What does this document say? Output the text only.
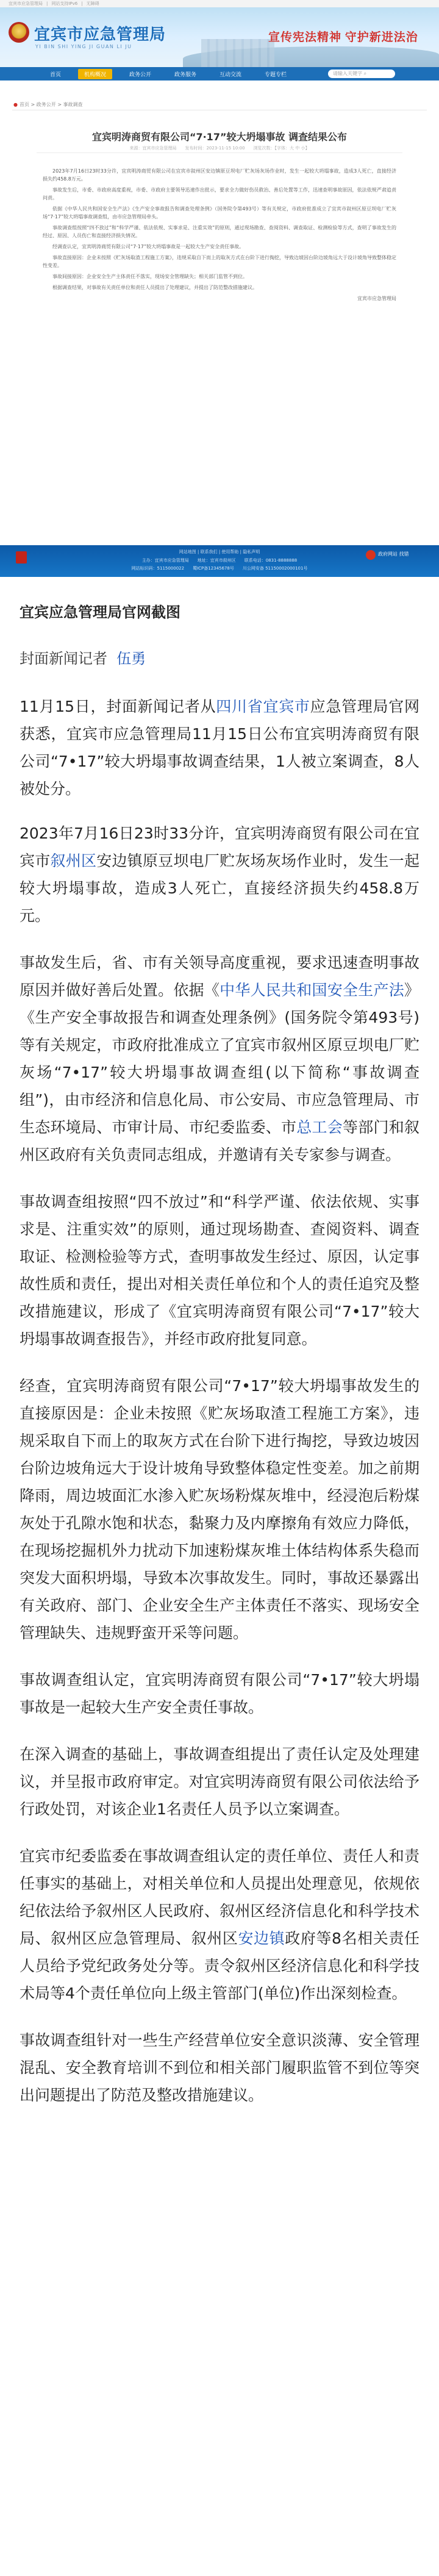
宜宾市应急管理局 | 网站支持IPv6 | 无障碍
宜宾市应急管理局
YI BIN SHI YING JI GUAN LI JU
宣传宪法精神 守护新进法治
首页	机构概况	政务公开	政务服务	互动交流	专题专栏	请输入关键字 ⌕
● 首页 > 政务公开 > 事故调查
宜宾明涛商贸有限公司“7·17”较大坍塌事故 调查结果公布
来源：宜宾市应急管理局　　发布时间：2023-11-15 10:00　　浏览次数：【字体：大 中 小】

2023年7月16日23时33分许，宜宾明涛商贸有限公司在宜宾市叙州区安边镇原豆坝电厂贮灰场灰场作业时，发生一起较大坍塌事故，造成3人死亡，直接经济损失约458.8万元。

事故发生后，市委、市政府高度重视，市委、市政府主要领导迅速作出批示，要求全力做好伤员救治、善后处置等工作，迅速查明事故原因，依法依规严肃追责问责。

依据《中华人民共和国安全生产法》《生产安全事故报告和调查处理条例》（国务院令第493号）等有关规定，市政府批准成立了宜宾市叙州区原豆坝电厂贮灰场“7·17”较大坍塌事故调查组，由市应急管理局牵头。

事故调查组按照“四不放过”和“科学严谨、依法依规、实事求是、注重实效”的原则，通过现场勘查、查阅资料、调查取证、检测检验等方式，查明了事故发生的经过、原因、人员伤亡和直接经济损失情况。

经调查认定，宜宾明涛商贸有限公司“7·17”较大坍塌事故是一起较大生产安全责任事故。

事故直接原因：企业未按照《贮灰场取渣工程施工方案》，违规采取自下而上的取灰方式在台阶下进行掏挖，导致边坡因台阶边坡角远大于设计坡角导致整体稳定性变差。

事故间接原因：企业安全生产主体责任不落实，现场安全管理缺失；相关部门监管不到位。

根据调查结果，对事故有关责任单位和责任人员提出了处理建议，并提出了防范整改措施建议。

宜宾市应急管理局

网站地图 | 联系我们 | 使用帮助 | 隐私声明
主办：宜宾市应急管理局　　地址：宜宾市叙州区　　联系电话：0831-8888888
网站标识码：5115000022　　蜀ICP备12345678号　　川公网安备 51150002000101号
政府网站 找错
宜宾应急管理局官网截图
封面新闻记者 伍勇

11月15日，封面新闻记者从四川省宜宾市应急管理局官网获悉，宜宾市应急管理局11月15日公布宜宾明涛商贸有限公司“7•17”较大坍塌事故调查结果，1人被立案调查，8人被处分。

2023年7月16日23时33分许，宜宾明涛商贸有限公司在宜宾市叙州区安边镇原豆坝电厂贮灰场灰场作业时，发生一起较大坍塌事故，造成3人死亡，直接经济损失约458.8万元。

事故发生后，省、市有关领导高度重视，要求迅速查明事故原因并做好善后处置。依据《中华人民共和国安全生产法》《生产安全事故报告和调查处理条例》(国务院令第493号)等有关规定，市政府批准成立了宜宾市叙州区原豆坝电厂贮灰场“7•17”较大坍塌事故调查组(以下简称“事故调查组”)，由市经济和信息化局、市公安局、市应急管理局、市生态环境局、市审计局、市纪委监委、市总工会等部门和叙州区政府有关负责同志组成，并邀请有关专家参与调查。

事故调查组按照“四不放过”和“科学严谨、依法依规、实事求是、注重实效”的原则，通过现场勘查、查阅资料、调查取证、检测检验等方式，查明事故发生经过、原因，认定事故性质和责任，提出对相关责任单位和个人的责任追究及整改措施建议，形成了《宜宾明涛商贸有限公司“7•17”较大坍塌事故调查报告》，并经市政府批复同意。

经查，宜宾明涛商贸有限公司“7•17”较大坍塌事故发生的直接原因是：企业未按照《贮灰场取渣工程施工方案》，违规采取自下而上的取灰方式在台阶下进行掏挖，导致边坡因台阶边坡角远大于设计坡角导致整体稳定性变差。加之前期降雨，周边坡面汇水渗入贮灰场粉煤灰堆中，经浸泡后粉煤灰处于孔隙水饱和状态，黏聚力及内摩擦角有效应力降低，在现场挖掘机外力扰动下加速粉煤灰堆土体结构体系失稳而突发大面积坍塌，导致本次事故发生。同时，事故还暴露出有关政府、部门、企业安全生产主体责任不落实、现场安全管理缺失、违规野蛮开采等问题。

事故调查组认定，宜宾明涛商贸有限公司“7•17”较大坍塌事故是一起较大生产安全责任事故。

在深入调查的基础上，事故调查组提出了责任认定及处理建议，并呈报市政府审定。对宜宾明涛商贸有限公司依法给予行政处罚，对该企业1名责任人员予以立案调查。

宜宾市纪委监委在事故调查组认定的责任单位、责任人和责任事实的基础上，对相关单位和人员提出处理意见，依规依纪依法给予叙州区人民政府、叙州区经济信息化和科学技术局、叙州区应急管理局、叙州区安边镇政府等8名相关责任人员给予党纪政务处分等。责令叙州区经济信息化和科学技术局等4个责任单位向上级主管部门(单位)作出深刻检查。

事故调查组针对一些生产经营单位安全意识淡薄、安全管理混乱、安全教育培训不到位和相关部门履职监管不到位等突出问题提出了防范及整改措施建议。
